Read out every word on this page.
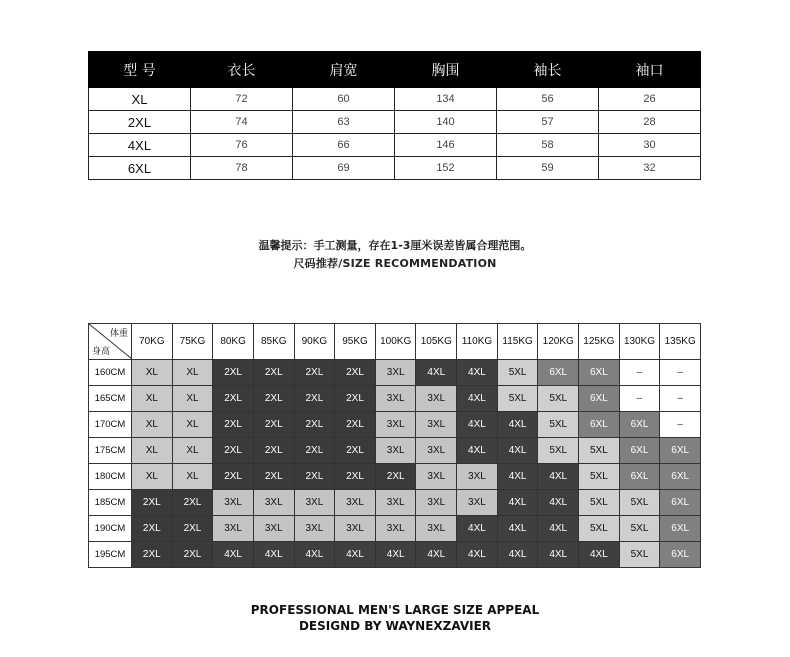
型 号	衣长	肩宽	胸围	袖长	袖口
XL	72	60	134	56	26
2XL	74	63	140	57	28
4XL	76	66	146	58	30
6XL	78	69	152	59	32

温馨提示：手工测量，存在1-3厘米误差皆属合理范围。

尺码推荐/SIZE RECOMMENDATION

体重
身高	70KG	75KG	80KG	85KG	90KG	95KG	100KG	105KG	110KG	115KG	120KG	125KG	130KG	135KG
160CM	XL	XL	2XL	2XL	2XL	2XL	3XL	4XL	4XL	5XL	6XL	6XL	–	–
165CM	XL	XL	2XL	2XL	2XL	2XL	3XL	3XL	4XL	5XL	5XL	6XL	–	–
170CM	XL	XL	2XL	2XL	2XL	2XL	3XL	3XL	4XL	4XL	5XL	6XL	6XL	–
175CM	XL	XL	2XL	2XL	2XL	2XL	3XL	3XL	4XL	4XL	5XL	5XL	6XL	6XL
180CM	XL	XL	2XL	2XL	2XL	2XL	2XL	3XL	3XL	4XL	4XL	5XL	6XL	6XL
185CM	2XL	2XL	3XL	3XL	3XL	3XL	3XL	3XL	3XL	4XL	4XL	5XL	5XL	6XL
190CM	2XL	2XL	3XL	3XL	3XL	3XL	3XL	3XL	4XL	4XL	4XL	5XL	5XL	6XL
195CM	2XL	2XL	4XL	4XL	4XL	4XL	4XL	4XL	4XL	4XL	4XL	4XL	5XL	6XL

PROFESSIONAL MEN'S LARGE SIZE APPEAL

DESIGND BY WAYNEXZAVIER
